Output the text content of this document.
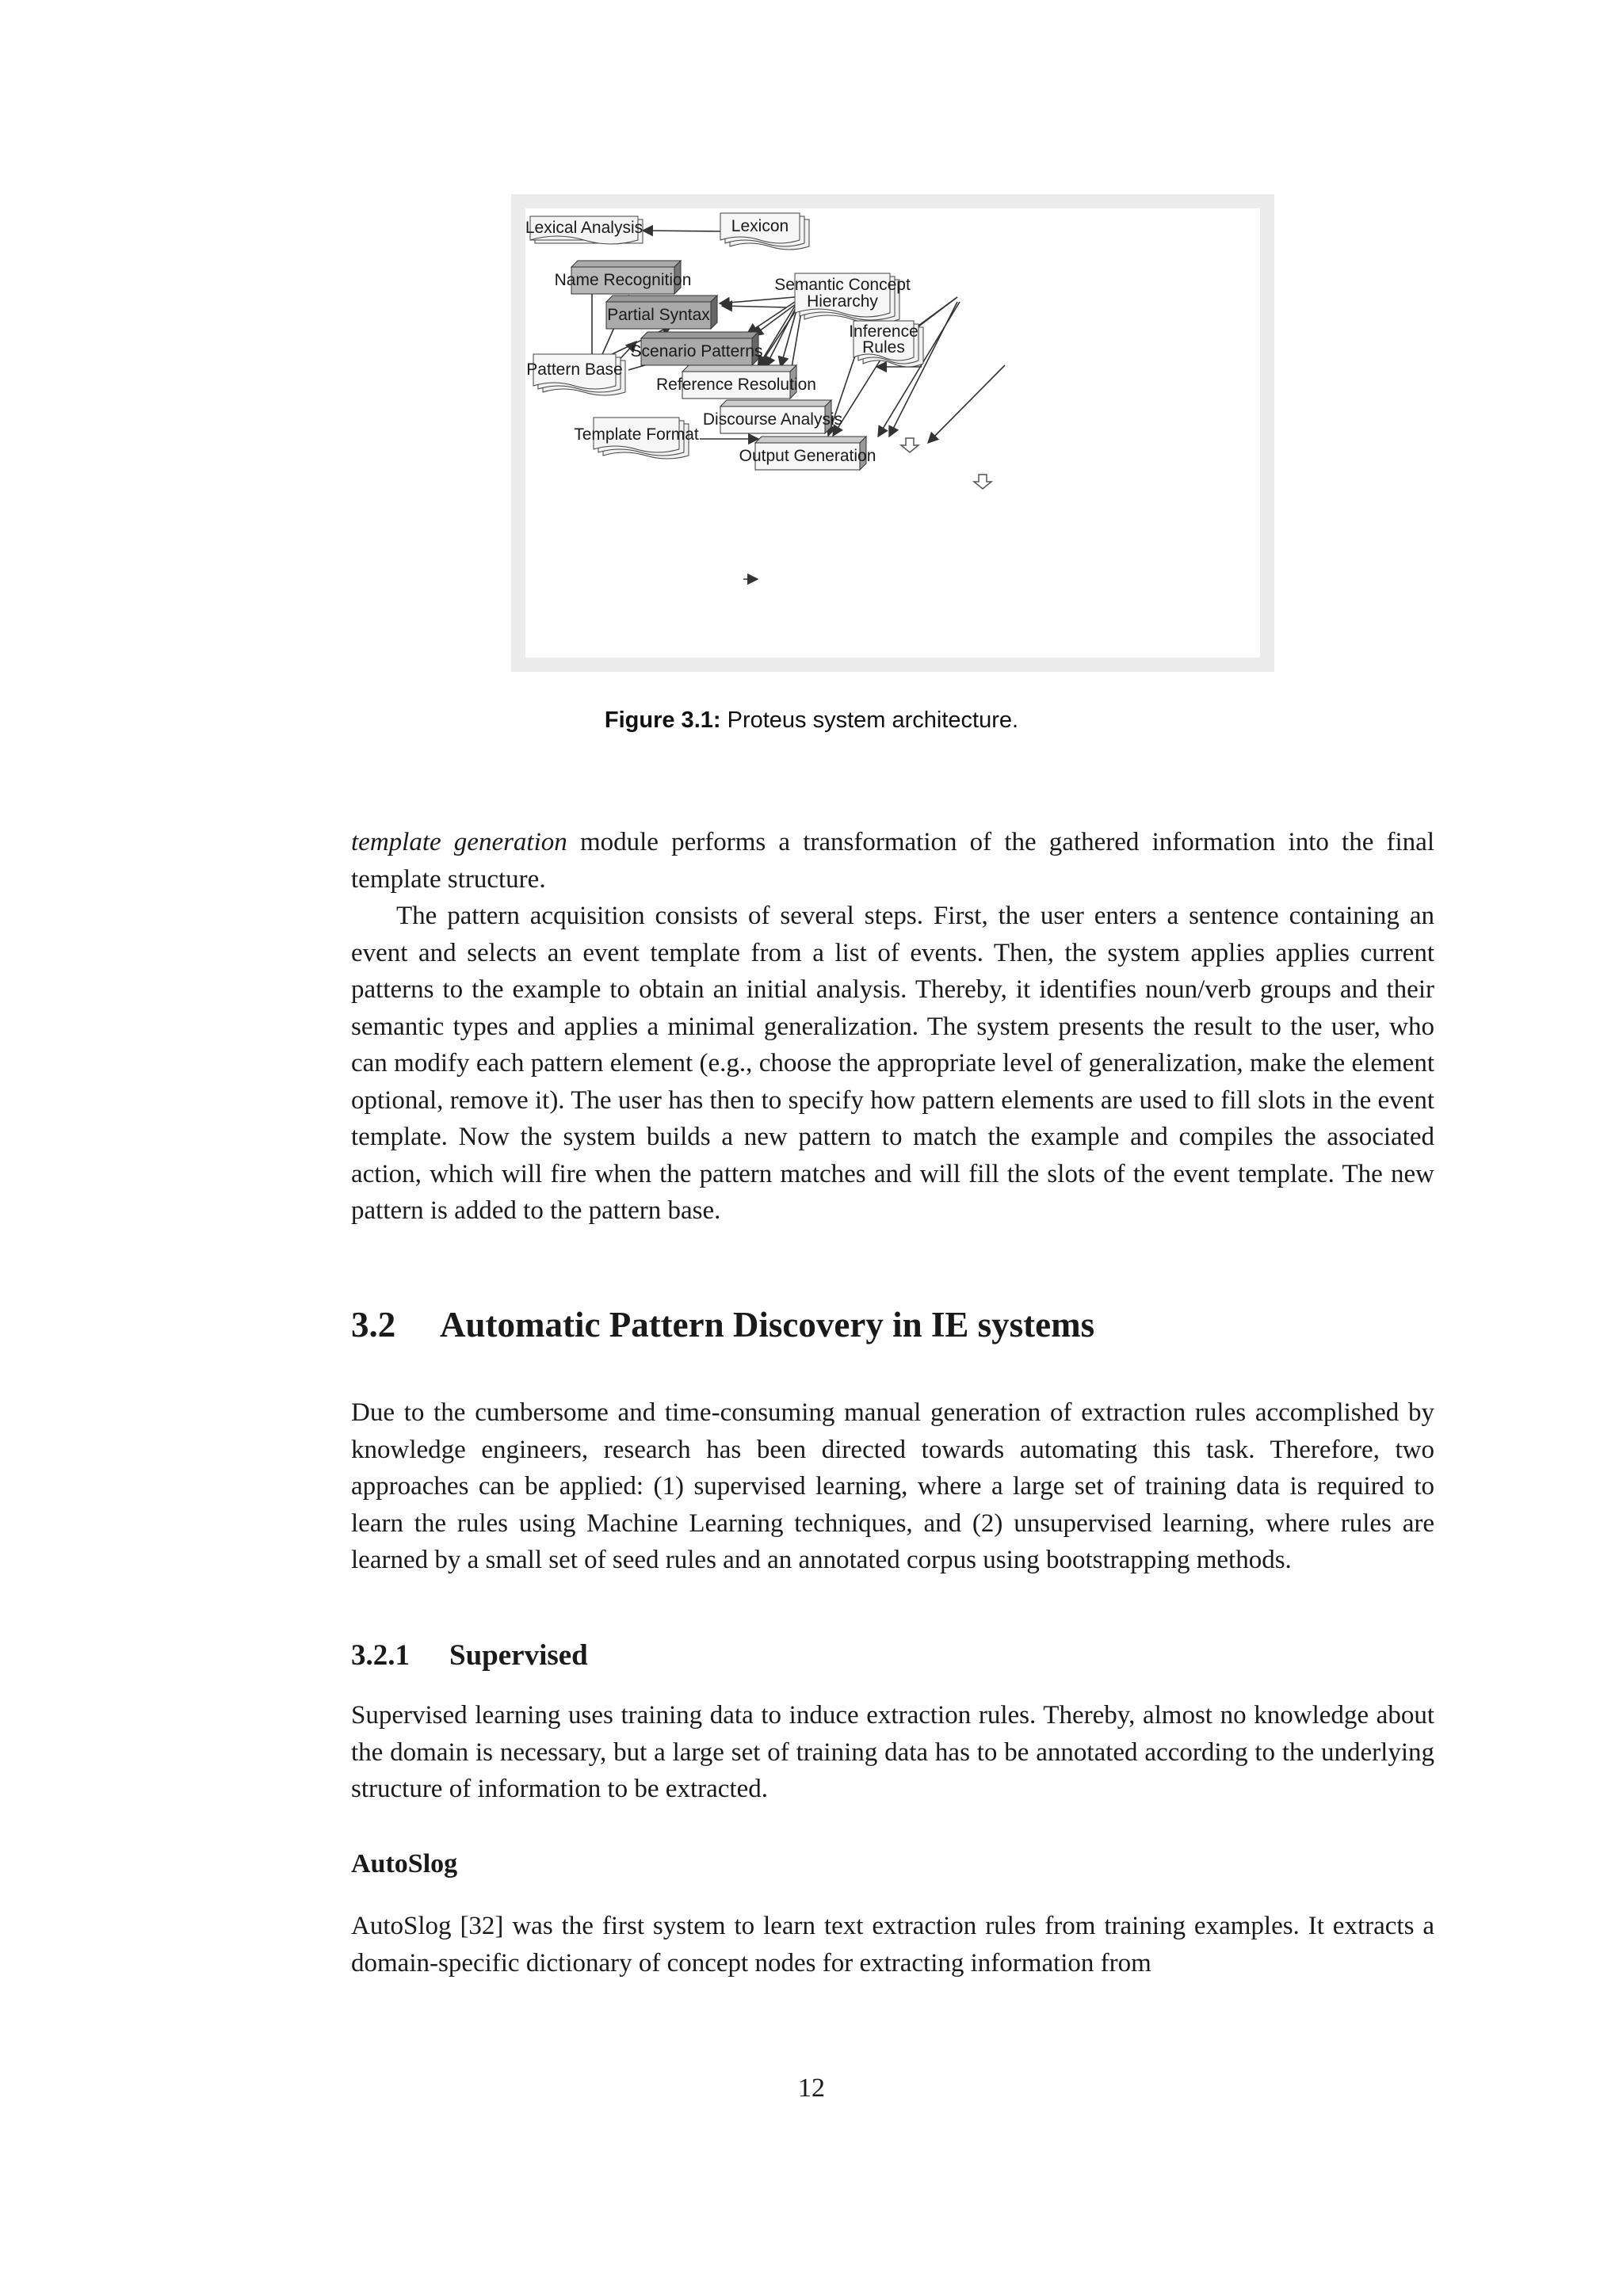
Lexical Analysis	Lexicon
Name Recognition	Semantic Concept
Hierarchy
Partial Syntax
Scenario Patterns
Inference
Rules
Pattern Base
Reference Resolution
Discourse Analysis
Template Format
Output Generation
Figure 3.1: Proteus system architecture.

template generation module performs a transformation of the gathered information into the final template structure.

The pattern acquisition consists of several steps. First, the user enters a sentence containing an event and selects an event template from a list of events. Then, the system applies applies current patterns to the example to obtain an initial analysis. Thereby, it identifies noun/verb groups and their semantic types and applies a minimal generalization. The system presents the result to the user, who can modify each pattern element (e.g., choose the appropriate level of generalization, make the element optional, remove it). The user has then to specify how pattern elements are used to fill slots in the event template. Now the system builds a new pattern to match the example and compiles the associated action, which will fire when the pattern matches and will fill the slots of the event template. The new pattern is added to the pattern base.

3.2 Automatic Pattern Discovery in IE systems

Due to the cumbersome and time-consuming manual generation of extraction rules accomplished by knowledge engineers, research has been directed towards automating this task. Therefore, two approaches can be applied: (1) supervised learning, where a large set of training data is required to learn the rules using Machine Learning techniques, and (2) unsupervised learning, where rules are learned by a small set of seed rules and an annotated corpus using bootstrapping methods.

3.2.1 Supervised

Supervised learning uses training data to induce extraction rules. Thereby, almost no knowledge about the domain is necessary, but a large set of training data has to be annotated according to the underlying structure of information to be extracted.

AutoSlog

AutoSlog [32] was the first system to learn text extraction rules from training examples. It extracts a domain-specific dictionary of concept nodes for extracting information from

12
